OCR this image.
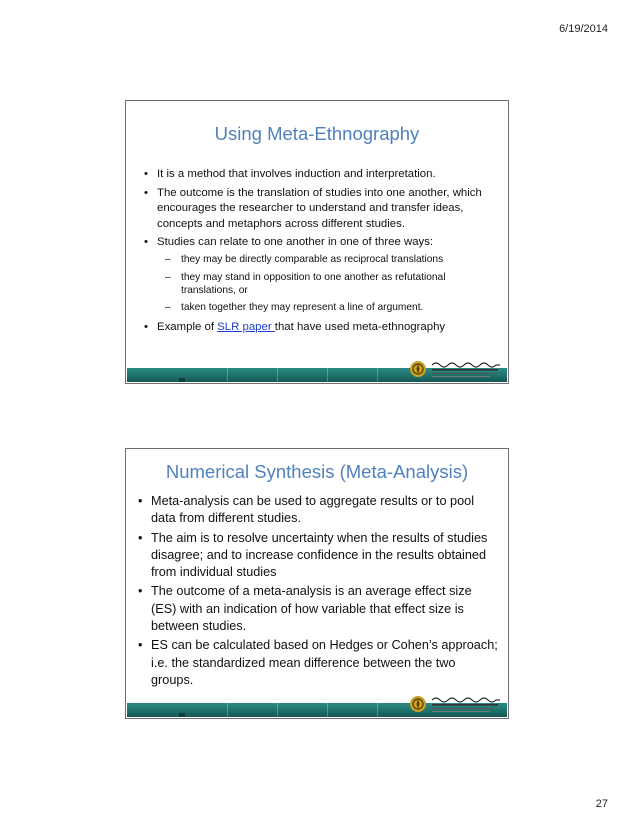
6/19/2014
Using Meta-Ethnography
• It is a method that involves induction and interpretation.
• The outcome is the translation of studies into one another, which encourages the researcher to understand and transfer ideas, concepts and metaphors across different studies.
• Studies can relate to one another in one of three ways:
– they may be directly comparable as reciprocal translations
– they may stand in opposition to one another as refutational translations, or
– taken together they may represent a line of argument.
• Example of SLR paper that have used meta-ethnography
Numerical Synthesis (Meta-Analysis)
• Meta-analysis can be used to aggregate results or to pool data from different studies.
• The aim is to resolve uncertainty when the results of studies disagree; and to increase confidence in the results obtained from individual studies
• The outcome of a meta-analysis is an average effect size (ES) with an indication of how variable that effect size is between studies.
• ES can be calculated based on Hedges or Cohen’s approach; i.e. the standardized mean difference between the two groups.
27
